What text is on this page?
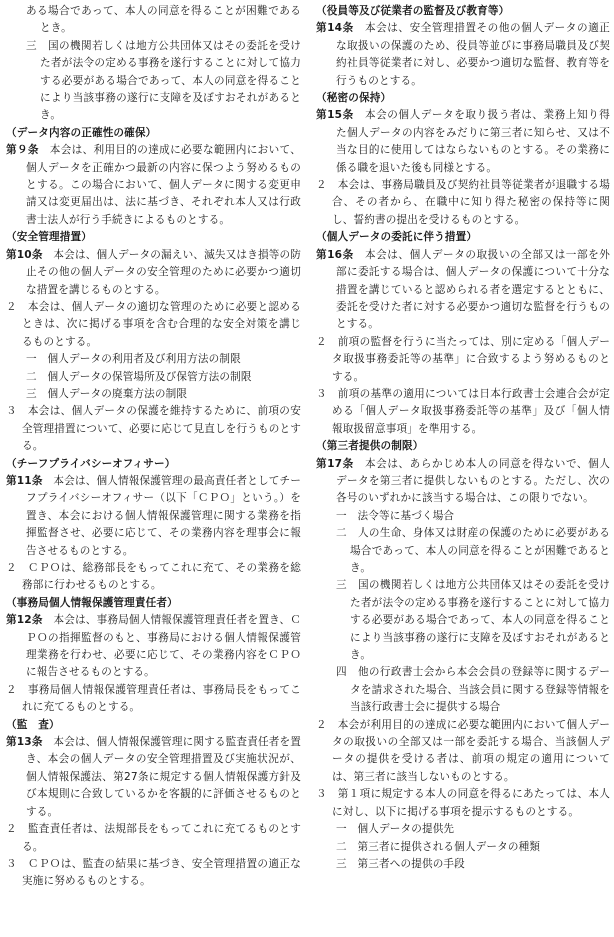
ある場合であって、本人の同意を得ることが困難であるとき。

三　国の機関若しくは地方公共団体又はその委託を受けた者が法令の定める事務を遂行することに対して協力する必要がある場合であって、本人の同意を得ることにより当該事務の遂行に支障を及ぼすおそれがあるとき。

（データ内容の正確性の確保）

第９条　 本会は、利用目的の達成に必要な範囲内において、個人データを正確かつ最新の内容に保つよう努めるものとする。この場合において、個人データに関する変更申請又は変更届出は、法に基づき、それぞれ本人又は行政書士法人が行う手続きによるものとする。

（安全管理措置）

第10条　 本会は、個人データの漏えい、滅失又はき損等の防止その他の個人データの安全管理のために必要かつ適切な措置を講じるものとする。

２　本会は、個人データの適切な管理のために必要と認めるときは、次に掲げる事項を含む合理的な安全対策を講じるものとする。

一　個人データの利用者及び利用方法の制限

二　個人データの保管場所及び保管方法の制限

三　個人データの廃棄方法の制限

３　本会は、個人データの保護を維持するために、前項の安全管理措置について、必要に応じて見直しを行うものとする。

（チーフプライバシーオフィサー）

第11条　 本会は、個人情報保護管理の最高責任者としてチーフプライバシーオフィサー（以下「ＣＰＯ」という。）を置き、本会における個人情報保護管理に関する業務を指揮監督させ、必要に応じて、その業務内容を理事会に報告させるものとする。

２　ＣＰＯは、総務部長をもってこれに充て、その業務を総務部に行わせるものとする。

（事務局個人情報保護管理責任者）

第12条　 本会は、事務局個人情報保護管理責任者を置き、ＣＰＯの指揮監督のもと、事務局における個人情報保護管理業務を行わせ、必要に応じて、その業務内容をＣＰＯに報告させるものとする。

２　事務局個人情報保護管理責任者は、事務局長をもってこれに充てるものとする。

（監　査）

第13条　 本会は、個人情報保護管理に関する監査責任者を置き、本会の個人データの安全管理措置及び実施状況が、個人情報保護法、第27条に規定する個人情報保護方針及び本規則に合致しているかを客観的に評価させるものとする。

２　監査責任者は、法規部長をもってこれに充てるものとする。

３　ＣＰＯは、監査の結果に基づき、安全管理措置の適正な実施に努めるものとする。

（役員等及び従業者の監督及び教育等）

第14条　 本会は、安全管理措置その他の個人データの適正な取扱いの保護のため、役員等並びに事務局職員及び契約社員等従業者に対し、必要かつ適切な監督、教育等を行うものとする。

（秘密の保持）

第15条　 本会の個人データを取り扱う者は、業務上知り得た個人データの内容をみだりに第三者に知らせ、又は不当な目的に使用してはならないものとする。その業務に係る職を退いた後も同様とする。

２　本会は、事務局職員及び契約社員等従業者が退職する場合、その者から、在職中に知り得た秘密の保持等に関し、誓約書の提出を受けるものとする。

（個人データの委託に伴う措置）

第16条　 本会は、個人データの取扱いの全部又は一部を外部に委託する場合は、個人データの保護について十分な措置を講じていると認められる者を選定するとともに、委託を受けた者に対する必要かつ適切な監督を行うものとする。

２　前項の監督を行うに当たっては、別に定める「個人データ取扱事務委託等の基準」に合致するよう努めるものとする。

３　前項の基準の適用については日本行政書士会連合会が定める「個人データ取扱事務委託等の基準」及び「個人情報取扱留意事項」を準用する。

（第三者提供の制限）

第17条　 本会は、あらかじめ本人の同意を得ないで、個人データを第三者に提供しないものとする。ただし、次の各号のいずれかに該当する場合は、この限りでない。

一　法令等に基づく場合

二　人の生命、身体又は財産の保護のために必要がある場合であって、本人の同意を得ることが困難であるとき。

三　国の機関若しくは地方公共団体又はその委託を受けた者が法令の定める事務を遂行することに対して協力する必要がある場合であって、本人の同意を得ることにより当該事務の遂行に支障を及ぼすおそれがあるとき。

四　他の行政書士会から本会会員の登録等に関するデータを請求された場合、当該会員に関する登録等情報を当該行政書士会に提供する場合

２　本会が利用目的の達成に必要な範囲内において個人データの取扱いの全部又は一部を委託する場合、当該個人データの提供を受ける者は、前項の規定の適用については、第三者に該当しないものとする。

３　第１項に規定する本人の同意を得るにあたっては、本人に対し、以下に掲げる事項を提示するものとする。

一　個人データの提供先

二　第三者に提供される個人データの種類

三　第三者への提供の手段
